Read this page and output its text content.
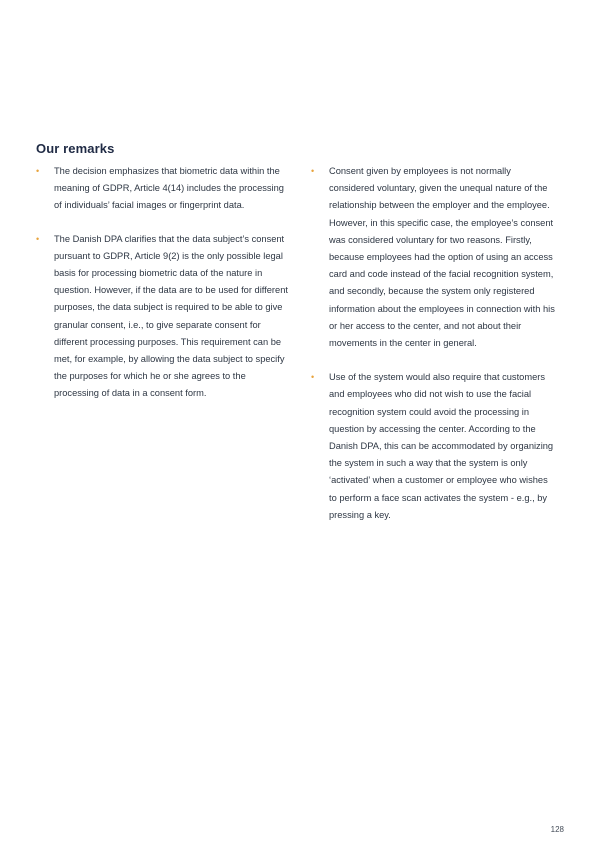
Our remarks
• The decision emphasizes that biometric data within the meaning of GDPR, Article 4(14) includes the processing of individuals’ facial images or fingerprint data.
• The Danish DPA clarifies that the data subject’s consent pursuant to GDPR, Article 9(2) is the only possible legal basis for processing biometric data of the nature in question. However, if the data are to be used for different purposes, the data subject is required to be able to give granular consent, i.e., to give separate consent for different processing purposes. This requirement can be met, for example, by allowing the data subject to specify the purposes for which he or she agrees to the processing of data in a consent form.
• Consent given by employees is not normally considered voluntary, given the unequal nature of the relationship between the employer and the employee. However, in this specific case, the employee’s consent was considered voluntary for two reasons. Firstly, because employees had the option of using an access card and code instead of the facial recognition system, and secondly, because the system only registered information about the employees in connection with his or her access to the center, and not about their movements in the center in general.
• Use of the system would also require that customers and employees who did not wish to use the facial recognition system could avoid the processing in question by accessing the center. According to the Danish DPA, this can be accommodated by organizing the system in such a way that the system is only ‘activated’ when a customer or employee who wishes to perform a face scan activates the system - e.g., by pressing a key.
128
